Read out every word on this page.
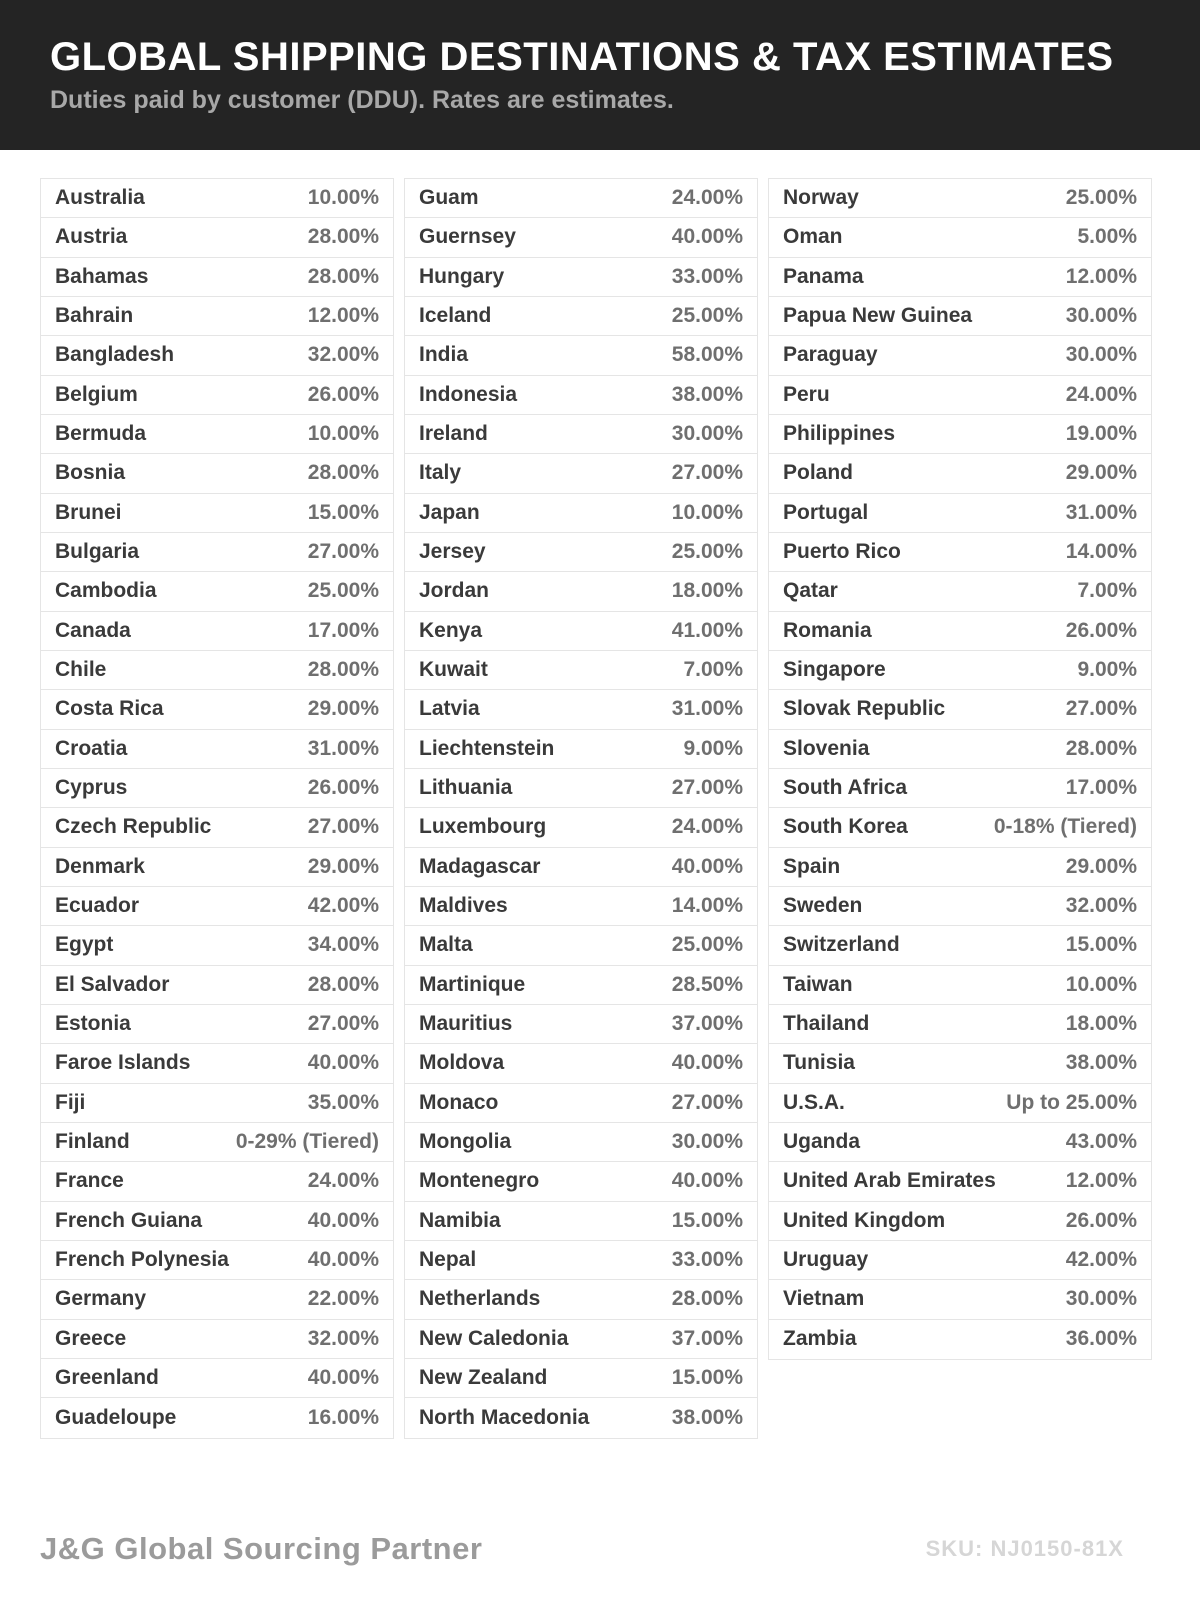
GLOBAL SHIPPING DESTINATIONS & TAX ESTIMATES

Duties paid by customer (DDU). Rates are estimates.

Australia	10.00%
Austria	28.00%
Bahamas	28.00%
Bahrain	12.00%
Bangladesh	32.00%
Belgium	26.00%
Bermuda	10.00%
Bosnia	28.00%
Brunei	15.00%
Bulgaria	27.00%
Cambodia	25.00%
Canada	17.00%
Chile	28.00%
Costa Rica	29.00%
Croatia	31.00%
Cyprus	26.00%
Czech Republic	27.00%
Denmark	29.00%
Ecuador	42.00%
Egypt	34.00%
El Salvador	28.00%
Estonia	27.00%
Faroe Islands	40.00%
Fiji	35.00%
Finland	0-29% (Tiered)
France	24.00%
French Guiana	40.00%
French Polynesia	40.00%
Germany	22.00%
Greece	32.00%
Greenland	40.00%
Guadeloupe	16.00%
Guam	24.00%
Guernsey	40.00%
Hungary	33.00%
Iceland	25.00%
India	58.00%
Indonesia	38.00%
Ireland	30.00%
Italy	27.00%
Japan	10.00%
Jersey	25.00%
Jordan	18.00%
Kenya	41.00%
Kuwait	7.00%
Latvia	31.00%
Liechtenstein	9.00%
Lithuania	27.00%
Luxembourg	24.00%
Madagascar	40.00%
Maldives	14.00%
Malta	25.00%
Martinique	28.50%
Mauritius	37.00%
Moldova	40.00%
Monaco	27.00%
Mongolia	30.00%
Montenegro	40.00%
Namibia	15.00%
Nepal	33.00%
Netherlands	28.00%
New Caledonia	37.00%
New Zealand	15.00%
North Macedonia	38.00%
Norway	25.00%
Oman	5.00%
Panama	12.00%
Papua New Guinea	30.00%
Paraguay	30.00%
Peru	24.00%
Philippines	19.00%
Poland	29.00%
Portugal	31.00%
Puerto Rico	14.00%
Qatar	7.00%
Romania	26.00%
Singapore	9.00%
Slovak Republic	27.00%
Slovenia	28.00%
South Africa	17.00%
South Korea	0-18% (Tiered)
Spain	29.00%
Sweden	32.00%
Switzerland	15.00%
Taiwan	10.00%
Thailand	18.00%
Tunisia	38.00%
U.S.A.	Up to 25.00%
Uganda	43.00%
United Arab Emirates	12.00%
United Kingdom	26.00%
Uruguay	42.00%
Vietnam	30.00%
Zambia	36.00%
J&G Global Sourcing Partner	SKU: NJ0150-81X
